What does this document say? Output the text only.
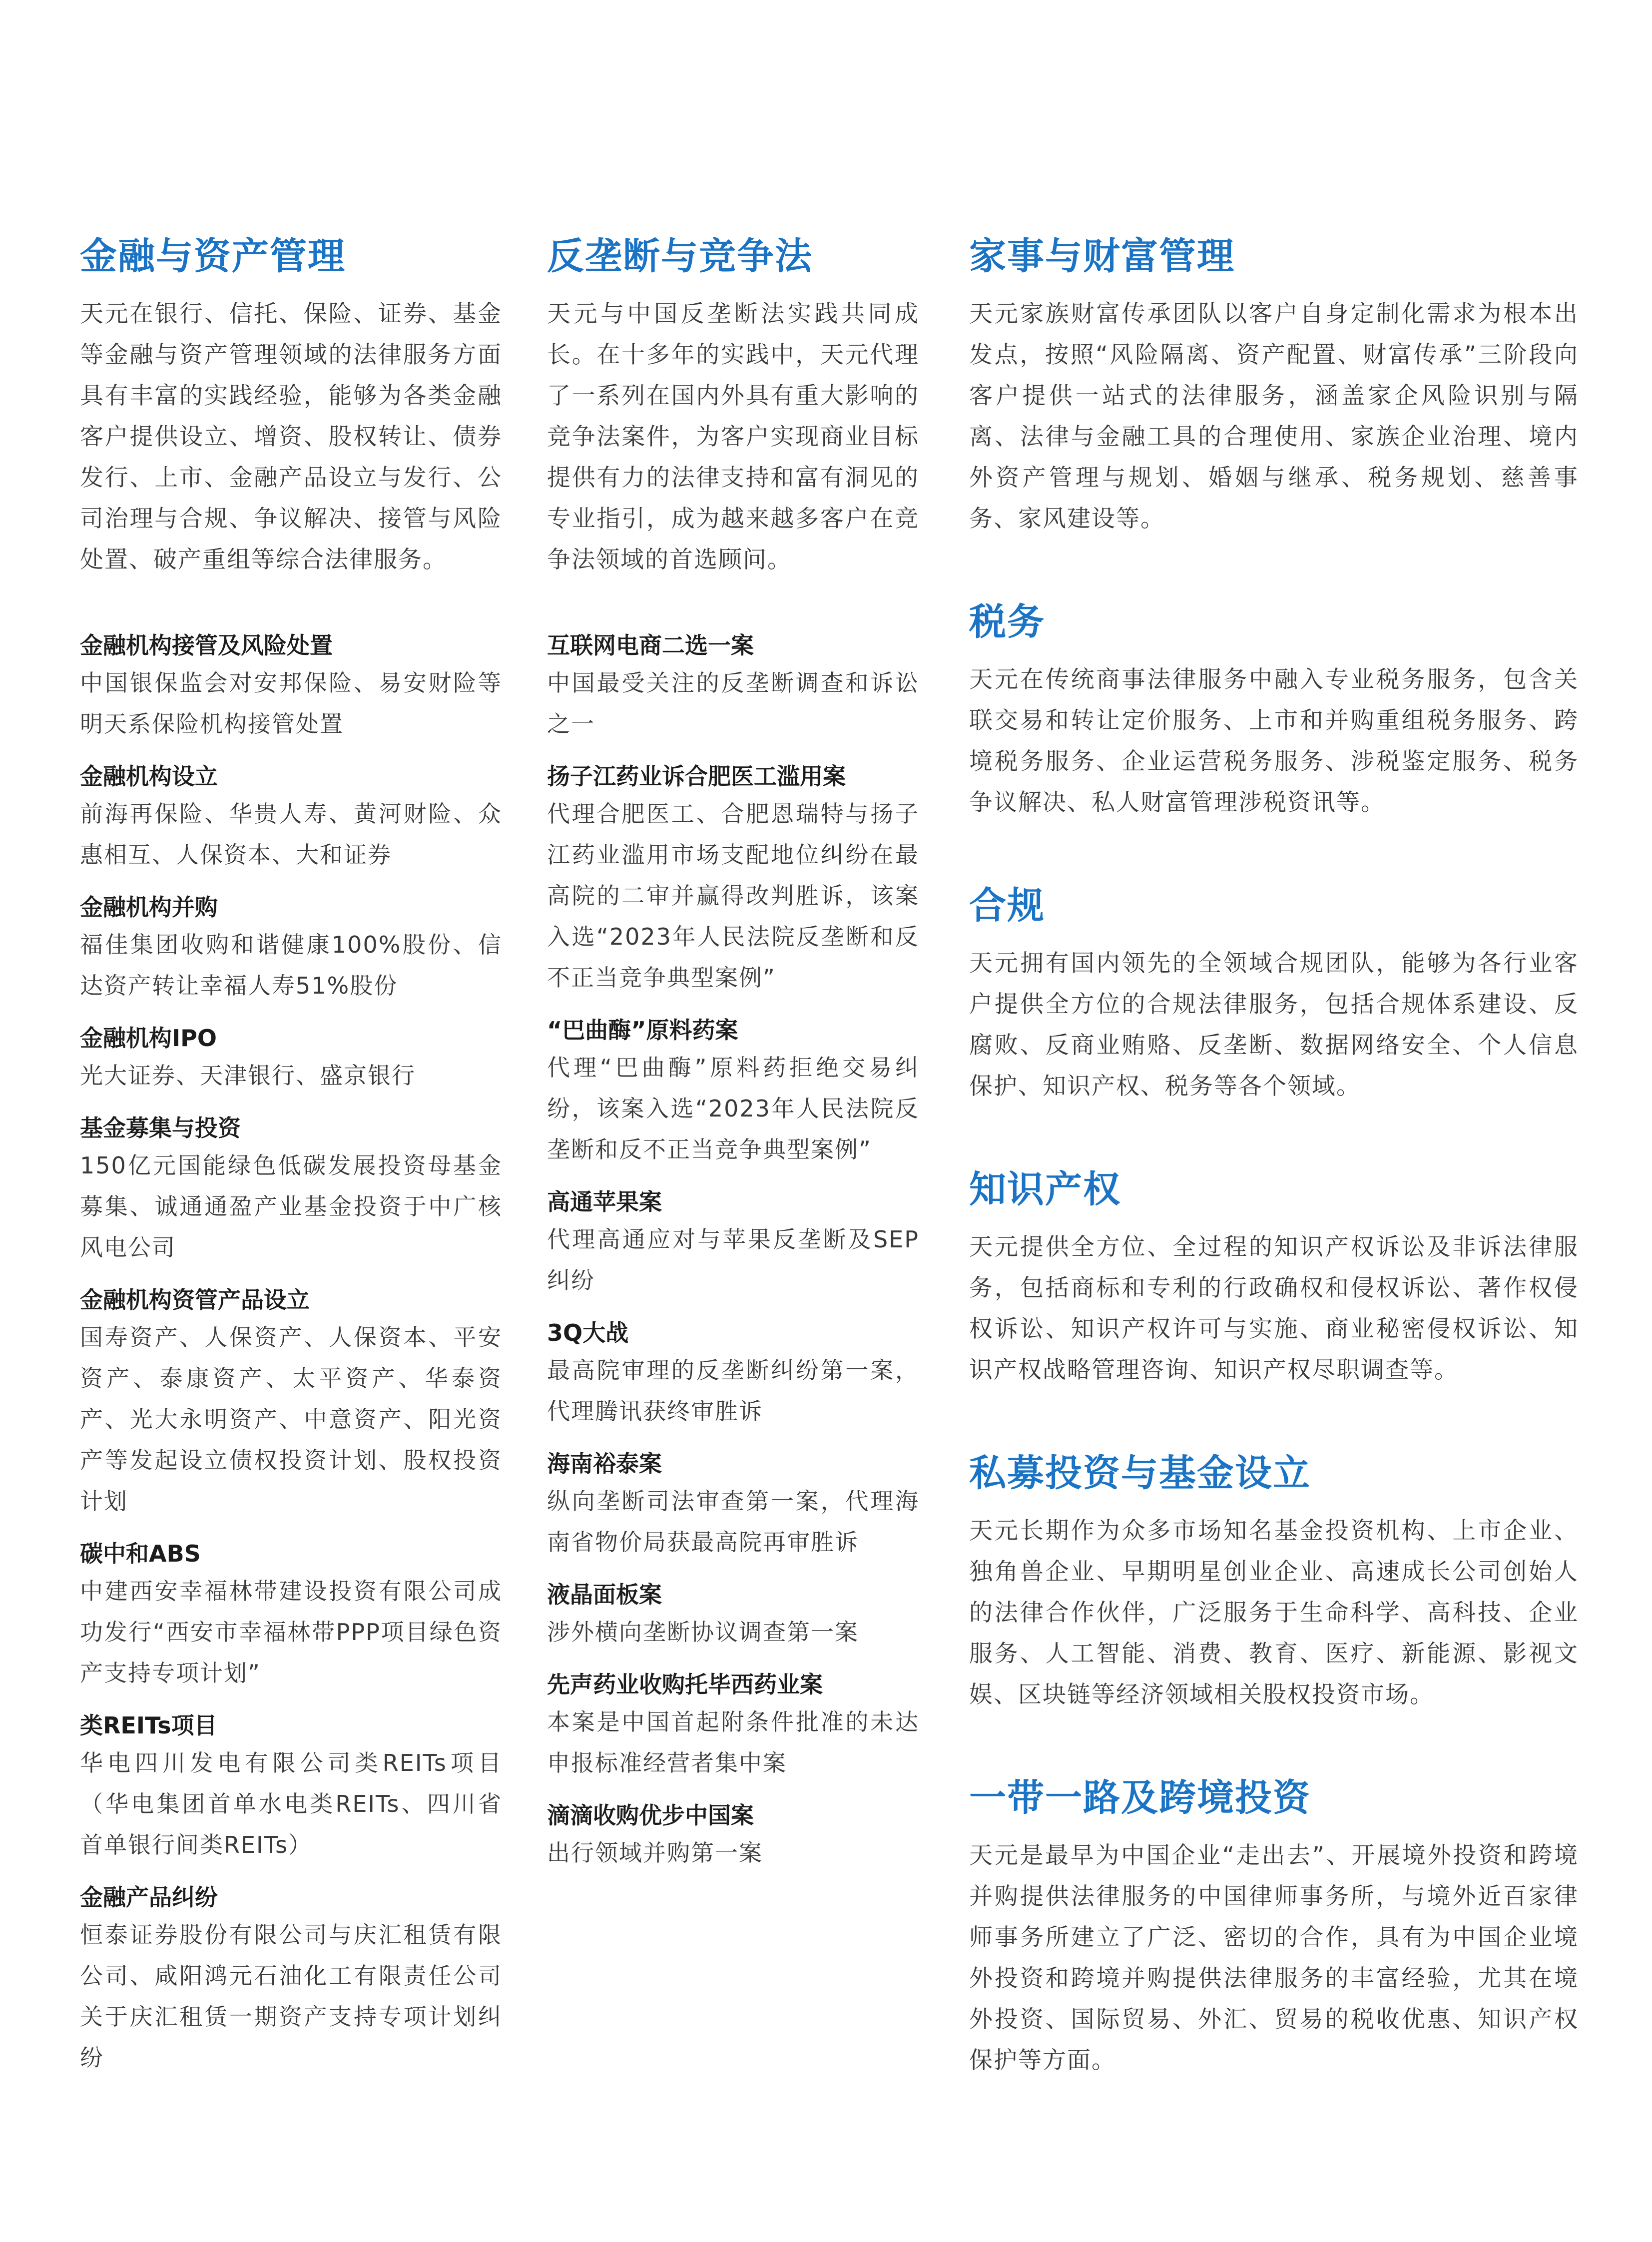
金融与资产管理

天元在银行、信托、保险、证券、基金等金融与资产管理领域的法律服务方面具有丰富的实践经验，能够为各类金融客户提供设立、增资、股权转让、债券发行、上市、金融产品设立与发行、公司治理与合规、争议解决、接管与风险处置、破产重组等综合法律服务。

金融机构接管及风险处置

中国银保监会对安邦保险、易安财险等明天系保险机构接管处置

金融机构设立

前海再保险、华贵人寿、黄河财险、众惠相互、人保资本、大和证券

金融机构并购

福佳集团收购和谐健康100%股份、信达资产转让幸福人寿51%股份

金融机构IPO

光大证券、天津银行、盛京银行

基金募集与投资

150亿元国能绿色低碳发展投资母基金募集、诚通通盈产业基金投资于中广核风电公司

金融机构资管产品设立

国寿资产、人保资产、人保资本、平安资产、泰康资产、太平资产、华泰资产、光大永明资产、中意资产、阳光资产等发起设立债权投资计划、股权投资计划

碳中和ABS

中建西安幸福林带建设投资有限公司成功发行“西安市幸福林带PPP项目绿色资产支持专项计划”

类REITs项目

华电四川发电有限公司类REITs项目（华电集团首单水电类REITs、四川省首单银行间类REITs）

金融产品纠纷

恒泰证券股份有限公司与庆汇租赁有限公司、咸阳鸿元石油化工有限责任公司关于庆汇租赁一期资产支持专项计划纠纷

反垄断与竞争法

天元与中国反垄断法实践共同成长。在十多年的实践中，天元代理了一系列在国内外具有重大影响的竞争法案件，为客户实现商业目标提供有力的法律支持和富有洞见的专业指引，成为越来越多客户在竞争法领域的首选顾问。

互联网电商二选一案

中国最受关注的反垄断调查和诉讼之一

扬子江药业诉合肥医工滥用案

代理合肥医工、合肥恩瑞特与扬子江药业滥用市场支配地位纠纷在最高院的二审并赢得改判胜诉，该案入选“2023年人民法院反垄断和反不正当竞争典型案例”

“巴曲酶”原料药案

代理“巴曲酶”原料药拒绝交易纠纷，该案入选“2023年人民法院反垄断和反不正当竞争典型案例”

高通苹果案

代理高通应对与苹果反垄断及SEP纠纷

3Q大战

最高院审理的反垄断纠纷第一案，代理腾讯获终审胜诉

海南裕泰案

纵向垄断司法审查第一案，代理海南省物价局获最高院再审胜诉

液晶面板案

涉外横向垄断协议调查第一案

先声药业收购托毕西药业案

本案是中国首起附条件批准的未达申报标准经营者集中案

滴滴收购优步中国案

出行领域并购第一案

家事与财富管理

天元家族财富传承团队以客户自身定制化需求为根本出发点，按照“风险隔离、资产配置、财富传承”三阶段向客户提供一站式的法律服务，涵盖家企风险识别与隔离、法律与金融工具的合理使用、家族企业治理、境内外资产管理与规划、婚姻与继承、税务规划、慈善事务、家风建设等。

税务

天元在传统商事法律服务中融入专业税务服务，包含关联交易和转让定价服务、上市和并购重组税务服务、跨境税务服务、企业运营税务服务、涉税鉴定服务、税务争议解决、私人财富管理涉税资讯等。

合规

天元拥有国内领先的全领域合规团队，能够为各行业客户提供全方位的合规法律服务，包括合规体系建设、反腐败、反商业贿赂、反垄断、数据网络安全、个人信息保护、知识产权、税务等各个领域。

知识产权

天元提供全方位、全过程的知识产权诉讼及非诉法律服务，包括商标和专利的行政确权和侵权诉讼、著作权侵权诉讼、知识产权许可与实施、商业秘密侵权诉讼、知识产权战略管理咨询、知识产权尽职调查等。

私募投资与基金设立

天元长期作为众多市场知名基金投资机构、上市企业、独角兽企业、早期明星创业企业、高速成长公司创始人的法律合作伙伴，广泛服务于生命科学、高科技、企业服务、人工智能、消费、教育、医疗、新能源、影视文娱、区块链等经济领域相关股权投资市场。

一带一路及跨境投资

天元是最早为中国企业“走出去”、开展境外投资和跨境并购提供法律服务的中国律师事务所，与境外近百家律师事务所建立了广泛、密切的合作，具有为中国企业境外投资和跨境并购提供法律服务的丰富经验，尤其在境外投资、国际贸易、外汇、贸易的税收优惠、知识产权保护等方面。
